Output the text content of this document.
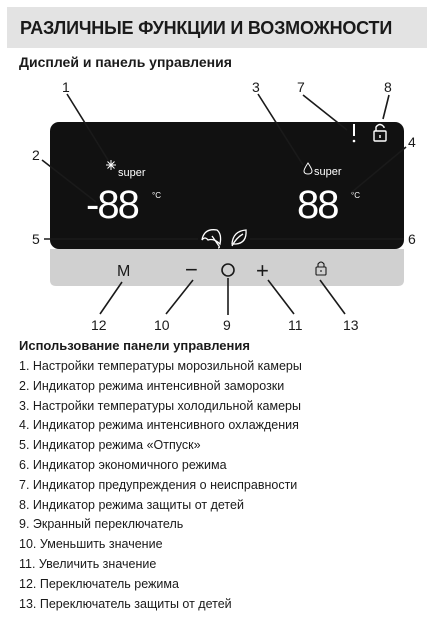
РАЗЛИЧНЫЕ ФУНКЦИИ И ВОЗМОЖНОСТИ
Дисплей и панель управления
super
-88 °C
super
88 °C
1
2
3
4
5	6
7	8
9
10	11
12	13
M −	+
Использование панели управления
1. Настройки температуры морозильной камеры
2. Индикатор режима интенсивной заморозки
3. Настройки температуры холодильной камеры
4. Индикатор режима интенсивного охлаждения
5. Индикатор режима «Отпуск»
6. Индикатор экономичного режима
7. Индикатор предупреждения о неисправности
8. Индикатор режима защиты от детей
9. Экранный переключатель
10. Уменьшить значение
11. Увеличить значение
12. Переключатель режима
13. Переключатель защиты от детей
